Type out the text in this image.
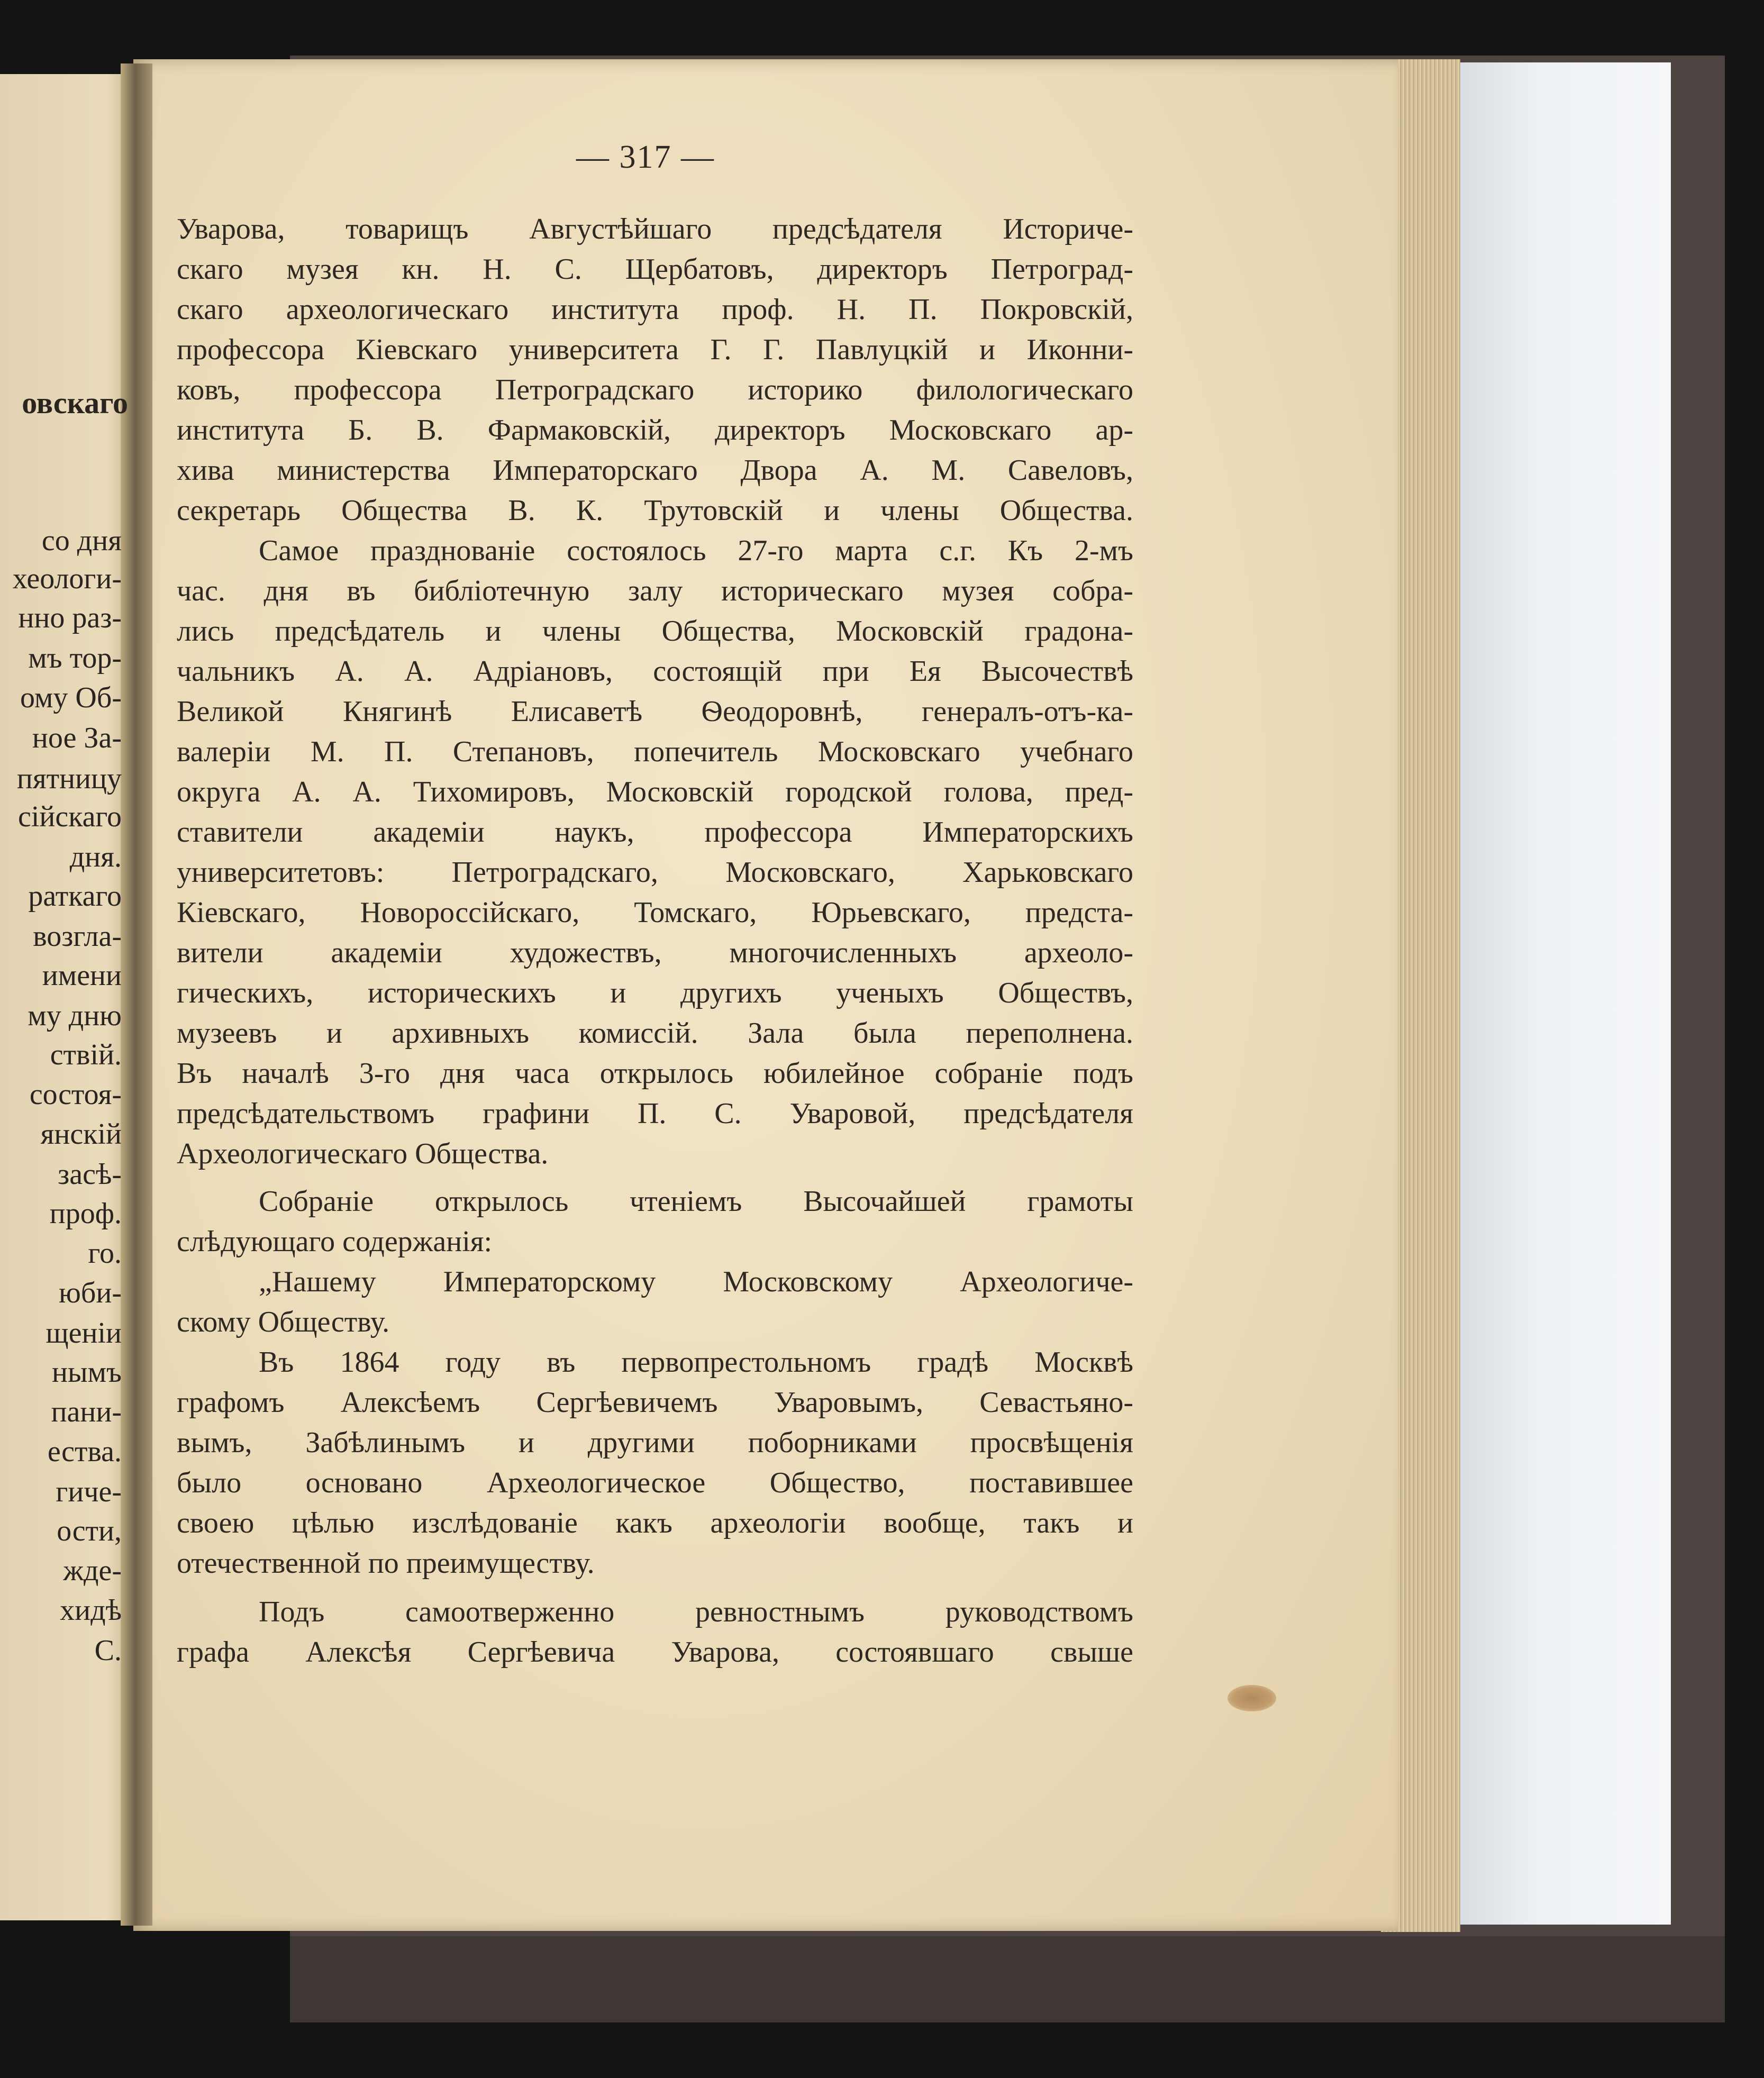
овскаго
со дня
хеологи-
нно раз-
мъ тор-
ому Об-
ное За-
пятницу
сійскаго
дня.
раткаго
возгла-
имени
му дню
ствій.
состоя-
янскій
засѣ-
проф.
го.
юби-
щеніи
нымъ
пани-
ества.
гиче-
ости,
жде-
хидѣ
С.
— 317 —
Уварова, товарищъ Августѣйшаго предсѣдателя Историче-
скаго музея кн. Н. С. Щербатовъ, директоръ Петроград-
скаго археологическаго института проф. Н. П. Покровскій,
профессора Кіевскаго университета Г. Г. Павлуцкій и Иконни-
ковъ, профессора Петроградскаго историко филологическаго
института Б. В. Фармаковскій, директоръ Московскаго ар-
хива министерства Императорскаго Двора А. М. Савеловъ,
секретарь Общества В. К. Трутовскій и члены Общества.
Самое празднованіе состоялось 27-го марта с.г. Къ 2-мъ
час. дня въ библіотечную залу историческаго музея собра-
лись предсѣдатель и члены Общества, Московскій градона-
чальникъ А. А. Адріановъ, состоящій при Ея Высочествѣ
Великой Княгинѣ Елисаветѣ Ѳеодоровнѣ, генералъ-отъ-ка-
валеріи М. П. Степановъ, попечитель Московскаго учебнаго
округа А. А. Тихомировъ, Московскій городской голова, пред-
ставители академіи наукъ, профессора Императорскихъ
университетовъ: Петроградскаго, Московскаго, Харьковскаго
Кіевскаго, Новороссійскаго, Томскаго, Юрьевскаго, предста-
вители академіи художествъ, многочисленныхъ археоло-
гическихъ, историческихъ и другихъ ученыхъ Обществъ,
музеевъ и архивныхъ комиссій. Зала была переполнена.
Въ началѣ 3-го дня часа открылось юбилейное собраніе подъ
предсѣдательствомъ графини П. С. Уваровой, предсѣдателя
Археологическаго Общества.
Собраніе открылось чтеніемъ Высочайшей грамоты
слѣдующаго содержанія:
„Нашему Императорскому Московскому Археологиче-
скому Обществу.
Въ 1864 году въ первопрестольномъ градѣ Москвѣ
графомъ Алексѣемъ Сергѣевичемъ Уваровымъ, Севастьяно-
вымъ, Забѣлинымъ и другими поборниками просвѣщенія
было основано Археологическое Общество, поставившее
своею цѣлью изслѣдованіе какъ археологіи вообще, такъ и
отечественной по преимуществу.
Подъ самоотверженно ревностнымъ руководствомъ
графа Алексѣя Сергѣевича Уварова, состоявшаго свыше
